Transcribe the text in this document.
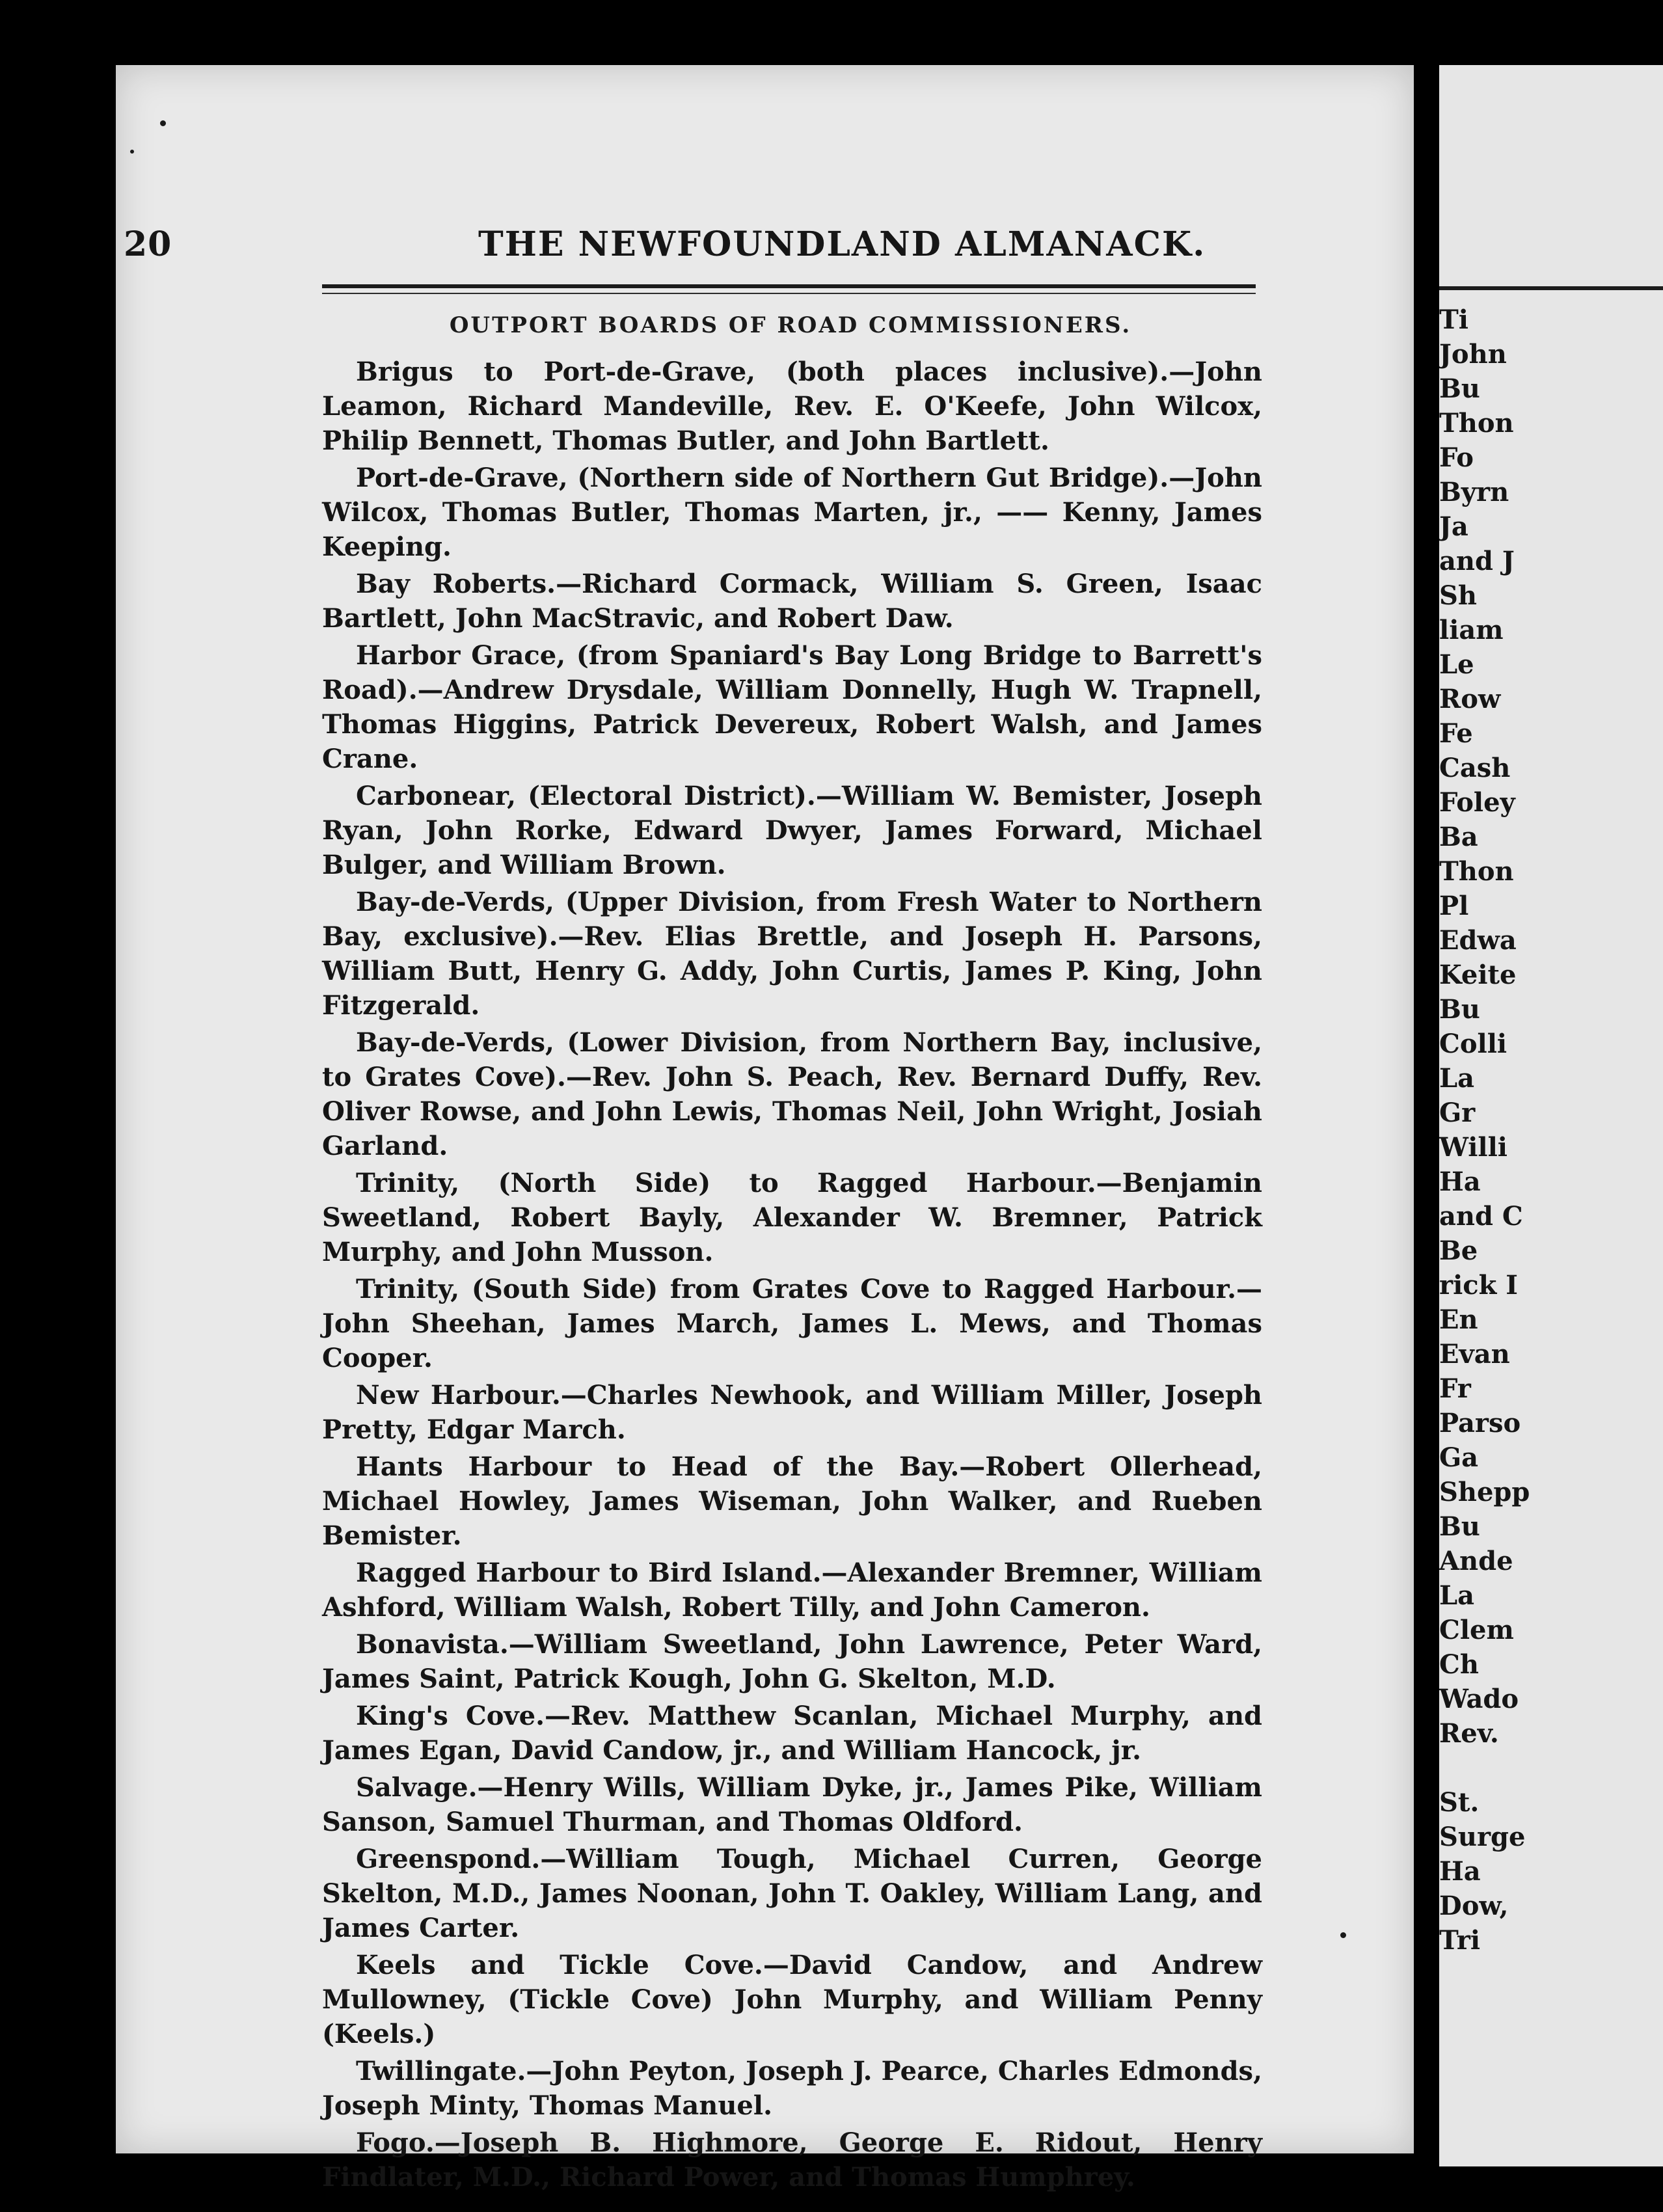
20	THE NEWFOUNDLAND ALMANACK.
OUTPORT BOARDS OF ROAD COMMISSIONERS.

Brigus to Port-de-Grave, (both places inclusive).—John Leamon, Richard Mandeville, Rev. E. O'Keefe, John Wilcox, Philip Bennett, Thomas Butler, and John Bartlett.

Port-de-Grave, (Northern side of Northern Gut Bridge).—John Wilcox, Thomas Butler, Thomas Marten, jr., —— Kenny, James Keeping.

Bay Roberts.—Richard Cormack, William S. Green, Isaac Bartlett, John MacStravic, and Robert Daw.

Harbor Grace, (from Spaniard's Bay Long Bridge to Barrett's Road).—Andrew Drysdale, William Donnelly, Hugh W. Trapnell, Thomas Higgins, Patrick Devereux, Robert Walsh, and James Crane.

Carbonear, (Electoral District).—William W. Bemister, Joseph Ryan, John Rorke, Edward Dwyer, James Forward, Michael Bulger, and William Brown.

Bay-de-Verds, (Upper Division, from Fresh Water to Northern Bay, exclusive).—Rev. Elias Brettle, and Joseph H. Parsons, William Butt, Henry G. Addy, John Curtis, James P. King, John Fitzgerald.

Bay-de-Verds, (Lower Division, from Northern Bay, inclusive, to Grates Cove).—Rev. John S. Peach, Rev. Bernard Duffy, Rev. Oliver Rowse, and John Lewis, Thomas Neil, John Wright, Josiah Garland.

Trinity, (North Side) to Ragged Harbour.—Benjamin Sweetland, Robert Bayly, Alexander W. Bremner, Patrick Murphy, and John Musson.

Trinity, (South Side) from Grates Cove to Ragged Harbour.—John Sheehan, James March, James L. Mews, and Thomas Cooper.

New Harbour.—Charles Newhook, and William Miller, Joseph Pretty, Edgar March.

Hants Harbour to Head of the Bay.—Robert Ollerhead, Michael Howley, James Wiseman, John Walker, and Rueben Bemister.

Ragged Harbour to Bird Island.—Alexander Bremner, William Ashford, William Walsh, Robert Tilly, and John Cameron.

Bonavista.—William Sweetland, John Lawrence, Peter Ward, James Saint, Patrick Kough, John G. Skelton, M.D.

King's Cove.—Rev. Matthew Scanlan, Michael Murphy, and James Egan, David Candow, jr., and William Hancock, jr.

Salvage.—Henry Wills, William Dyke, jr., James Pike, William Sanson, Samuel Thurman, and Thomas Oldford.

Greenspond.—William Tough, Michael Curren, George Skelton, M.D., James Noonan, John T. Oakley, William Lang, and James Carter.

Keels and Tickle Cove.—David Candow, and Andrew Mullowney, (Tickle Cove) John Murphy, and William Penny (Keels.)

Twillingate.—John Peyton, Joseph J. Pearce, Charles Edmonds, Joseph Minty, Thomas Manuel.

Fogo.—Joseph B. Highmore, George E. Ridout, Henry Findlater, M.D., Richard Power, and Thomas Humphrey.

Ti
John
Bu
Thon
Fo
Byrn
Ja
and J
Sh
liam
Le
Row
Fe
Cash
Foley
Ba
Thon
Pl
Edwa
Keite
Bu
Colli
La
Gr
Willi
Ha
and C
Be
rick I
En
Evan
Fr
Parso
Ga
Shepp
Bu
Ande
La
Clem
Ch
Wado
Rev.
St.
Surge
Ha
Dow,
Tri
